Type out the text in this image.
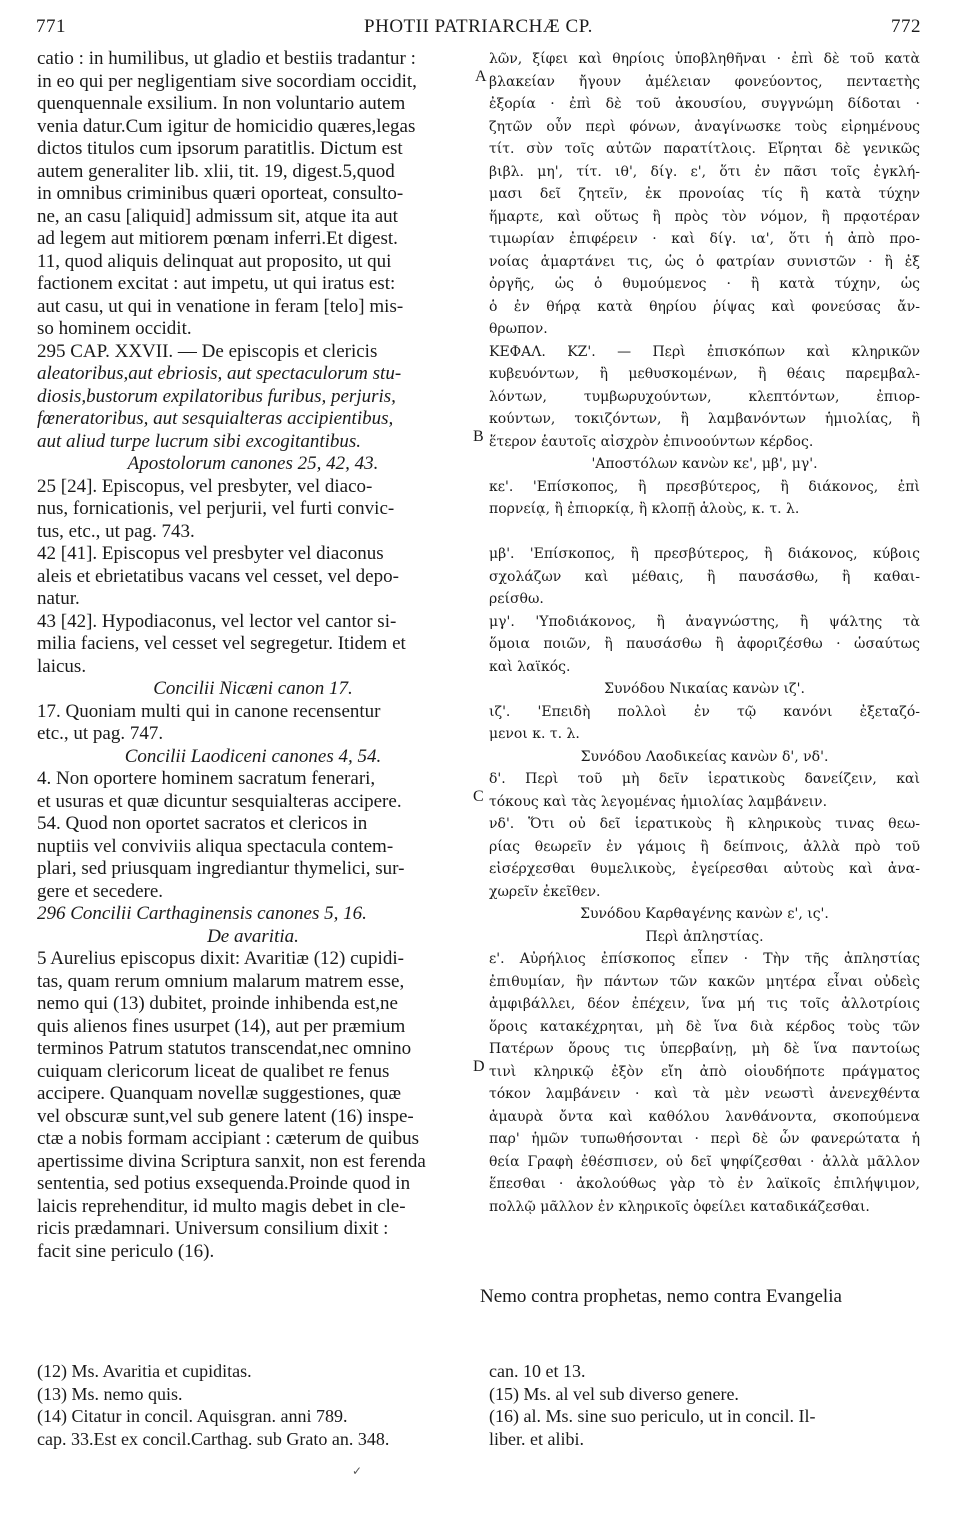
771	PHOTII PATRIARCHÆ CP.	772
A
B
C
D
catio : in humilibus, ut gladio et bestiis tradantur :
in eo qui per negligentiam sive socordiam occidit,
quenquennale exsilium. In non voluntario autem
venia datur.Cum igitur de homicidio quæres,legas
dictos titulos cum ipsorum paratitlis. Dictum est
autem generaliter lib. xlii, tit. 19, digest.5,quod
in omnibus criminibus quæri oporteat, consulto-
ne, an casu [aliquid] admissum sit, atque ita aut
ad legem aut mitiorem pœnam inferri.Et digest.
11, quod aliquis delinquat aut proposito, ut qui
factionem excitat : aut impetu, ut qui iratus est:
aut casu, ut qui in venatione in feram [telo] mis-
so hominem occidit.
295 CAP. XXVII. — De episcopis et clericis
aleatoribus,aut ebriosis, aut spectaculorum stu-
diosis,bustorum expilatoribus furibus, perjuris,
fœneratoribus, aut sesquialteras accipientibus,
aut aliud turpe lucrum sibi excogitantibus.
Apostolorum canones 25, 42, 43.
25 [24]. Episcopus, vel presbyter, vel diaco-
nus, fornicationis, vel perjurii, vel furti convic-
tus, etc., ut pag. 743.
42 [41]. Episcopus vel presbyter vel diaconus
aleis et ebrietatibus vacans vel cesset, vel depo-
natur.
43 [42]. Hypodiaconus, vel lector vel cantor si-
milia faciens, vel cesset vel segregetur. Itidem et
laicus.
Concilii Nicæni canon 17.
17. Quoniam multi qui in canone recensentur
etc., ut pag. 747.
Concilii Laodiceni canones 4, 54.
4. Non oportere hominem sacratum fenerari,
et usuras et quæ dicuntur sesquialteras accipere.
54. Quod non oportet sacratos et clericos in
nuptiis vel conviviis aliqua spectacula contem-
plari, sed priusquam ingrediantur thymelici, sur-
gere et secedere.
296 Concilii Carthaginensis canones 5, 16.
De avaritia.
5 Aurelius episcopus dixit: Avaritiæ (12) cupidi-
tas, quam rerum omnium malarum matrem esse,
nemo qui (13) dubitet, proinde inhibenda est,ne
quis alienos fines usurpet (14), aut per præmium
terminos Patrum statutos transcendat,nec omnino
cuiquam clericorum liceat de qualibet re fenus
accipere. Quanquam novellæ suggestiones, quæ
vel obscuræ sunt,vel sub genere latent (16) inspe-
ctæ a nobis formam accipiant : cæterum de quibus
apertissime divina Scriptura sanxit, non est ferenda
sententia, sed potius exsequenda.Proinde quod in
laicis reprehenditur, id multo magis debet in cle-
ricis prædamnari. Universum consilium dixit :
facit sine periculo (16).
λῶν, ξίφει καὶ θηρίοις ὑποβληθῆναι · ἐπὶ δὲ τοῦ κατὰ
βλακείαν ἤγουν ἀμέλειαν φονεύοντος, πενταετὴς
ἐξορία · ἐπὶ δὲ τοῦ ἀκουσίου, συγγνώμη δίδοται ·
ζητῶν οὖν περὶ φόνων, ἀναγίνωσκε τοὺς εἰρημένους
τίτ. σὺν τοῖς αὐτῶν παρατίτλοις. Εἴρηται δὲ γενικῶς
βιβλ. μη', τίτ. ιθ', δίγ. ε', ὅτι ἐν πᾶσι τοῖς ἐγκλή-
μασι δεῖ ζητεῖν, ἐκ προνοίας τίς ἢ κατὰ τύχην
ἥμαρτε, καὶ οὕτως ἢ πρὸς τὸν νόμον, ἢ πρᾳοτέραν
τιμωρίαν ἐπιφέρειν · καὶ δίγ. ια', ὅτι ἡ ἀπὸ προ-
νοίας ἁμαρτάνει τις, ὡς ὁ φατρίαν συνιστῶν · ἢ ἐξ
ὀργῆς, ὡς ὁ θυμούμενος · ἢ κατὰ τύχην, ὡς
ὁ ἐν θήρᾳ κατὰ θηρίου ῥίψας καὶ φονεύσας ἄν-
θρωπον.
ΚΕΦΑΛ. ΚΖ'. — Περὶ ἐπισκόπων καὶ κληρικῶν
κυβευόντων, ἢ μεθυσκομένων, ἢ θέαις παρεμβαλ-
λόντων, τυμβωρυχούντων, κλεπτόντων, ἐπιορ-
κούντων, τοκιζόντων, ἢ λαμβανόντων ἡμιολίας, ἢ
ἕτερον ἑαυτοῖς αἰσχρὸν ἐπινοούντων κέρδος.
'Αποστόλων κανὼν κε', μβ', μγ'.
κε'. 'Επίσκοπος, ἢ πρεσβύτερος, ἢ διάκονος, ἐπὶ
πορνείᾳ, ἢ ἐπιορκίᾳ, ἢ κλοπῇ ἁλοὺς, κ. τ. λ.
μβ'. 'Επίσκοπος, ἢ πρεσβύτερος, ἢ διάκονος, κύβοις
σχολάζων καὶ μέθαις, ἢ παυσάσθω, ἢ καθαι-
ρείσθω.
μγ'. 'Υποδιάκονος, ἢ ἀναγνώστης, ἢ ψάλτης τὰ
ὅμοια ποιῶν, ἢ παυσάσθω ἢ ἀφοριζέσθω · ὡσαύτως
καὶ λαϊκός.
Συνόδου Νικαίας κανὼν ιζ'.
ιζ'. 'Επειδὴ πολλοὶ ἐν τῷ κανόνι ἐξεταζό-
μενοι κ. τ. λ.
Συνόδου Λαοδικείας κανὼν δ', νδ'.
δ'. Περὶ τοῦ μὴ δεῖν ἱερατικοὺς δανείζειν, καὶ
τόκους καὶ τὰς λεγομένας ἡμιολίας λαμβάνειν.
νδ'. Ὅτι οὐ δεῖ ἱερατικοὺς ἢ κληρικοὺς τινας θεω-
ρίας θεωρεῖν ἐν γάμοις ἢ δείπνοις, ἀλλὰ πρὸ τοῦ
εἰσέρχεσθαι θυμελικοὺς, ἐγείρεσθαι αὐτοὺς καὶ ἀνα-
χωρεῖν ἐκεῖθεν.
Συνόδου Καρθαγένης κανὼν ε', ις'.
Περὶ ἀπληστίας.
ε'. Αὐρήλιος ἐπίσκοπος εἶπεν · Τὴν τῆς ἀπληστίας
ἐπιθυμίαν, ἣν πάντων τῶν κακῶν μητέρα εἶναι οὐδεὶς
ἀμφιβάλλει, δέον ἐπέχειν, ἵνα μή τις τοῖς ἀλλοτρίοις
ὅροις κατακέχρηται, μὴ δὲ ἵνα διὰ κέρδος τοὺς τῶν
Πατέρων ὅρους τις ὑπερβαίνῃ, μὴ δὲ ἵνα παντοίως
τινὶ κληρικῷ ἐξὸν εἴη ἀπὸ οἱουδήποτε πράγματος
τόκον λαμβάνειν · καὶ τὰ μὲν νεωστὶ ἀνενεχθέντα
ἀμαυρὰ ὄντα καὶ καθόλου λανθάνοντα, σκοπούμενα
παρ' ἡμῶν τυπωθήσονται · περὶ δὲ ὧν φανερώτατα ἡ
θεία Γραφὴ ἐθέσπισεν, οὐ δεῖ ψηφίζεσθαι · ἀλλὰ μᾶλλον
ἕπεσθαι · ἀκολούθως γὰρ τὸ ἐν λαϊκοῖς ἐπιλήψιμον,
πολλῷ μᾶλλον ἐν κληρικοῖς ὀφείλει καταδικάζεσθαι.
Nemo contra prophetas, nemo contra Evangelia
(12) Ms. Avaritia et cupiditas.
(13) Ms. nemo quis.
(14) Citatur in concil. Aquisgran. anni 789.
cap. 33.Est ex concil.Carthag. sub Grato an. 348.
can. 10 et 13.
(15) Ms. al vel sub diverso genere.
(16) al. Ms. sine suo periculo, ut in concil. Il-
liber. et alibi.
✓
